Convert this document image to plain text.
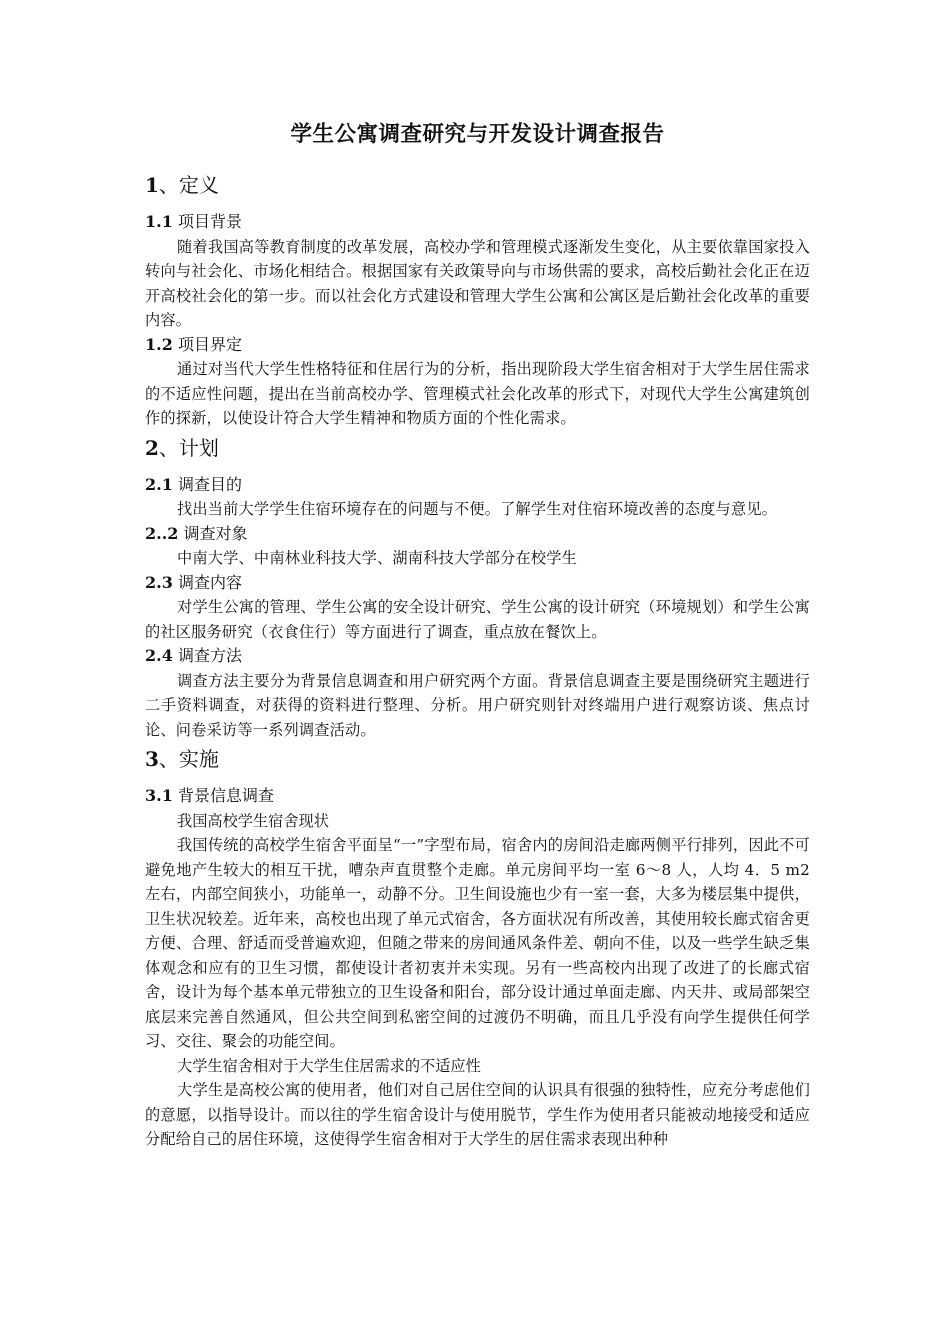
学生公寓调查研究与开发设计调查报告
1、定义
1.1 项目背景

随着我国高等教育制度的改革发展，高校办学和管理模式逐渐发生变化，从主要依靠国家投入转向与社会化、市场化相结合。根据国家有关政策导向与市场供需的要求，高校后勤社会化正在迈开高校社会化的第一步。而以社会化方式建设和管理大学生公寓和公寓区是后勤社会化改革的重要内容。

1.2 项目界定

通过对当代大学生性格特征和住居行为的分析，指出现阶段大学生宿舍相对于大学生居住需求的不适应性问题，提出在当前高校办学、管理模式社会化改革的形式下，对现代大学生公寓建筑创作的探新，以使设计符合大学生精神和物质方面的个性化需求。

2、计划
2.1 调查目的

找出当前大学学生住宿环境存在的问题与不便。了解学生对住宿环境改善的态度与意见。

2..2 调查对象

中南大学、中南林业科技大学、湖南科技大学部分在校学生

2.3 调查内容

对学生公寓的管理、学生公寓的安全设计研究、学生公寓的设计研究（环境规划）和学生公寓的社区服务研究（衣食住行）等方面进行了调查，重点放在餐饮上。

2.4 调查方法

调查方法主要分为背景信息调查和用户研究两个方面。背景信息调查主要是围绕研究主题进行二手资料调查，对获得的资料进行整理、分析。用户研究则针对终端用户进行观察访谈、焦点讨论、问卷采访等一系列调查活动。

3、实施
3.1 背景信息调查

我国高校学生宿舍现状

我国传统的高校学生宿舍平面呈“一”字型布局，宿舍内的房间沿走廊两侧平行排列，因此不可避免地产生较大的相互干扰，嘈杂声直贯整个走廊。单元房间平均一室 6～8 人，人均 4．5 m2 左右，内部空间狭小，功能单一，动静不分。卫生间设施也少有一室一套，大多为楼层集中提供，卫生状况较差。近年来，高校也出现了单元式宿舍，各方面状况有所改善，其使用较长廊式宿舍更方便、合理、舒适而受普遍欢迎，但随之带来的房间通风条件差、朝向不佳，以及一些学生缺乏集体观念和应有的卫生习惯，都使设计者初衷并未实现。另有一些高校内出现了改进了的长廊式宿舍，设计为每个基本单元带独立的卫生设备和阳台，部分设计通过单面走廊、内天井、或局部架空底层来完善自然通风，但公共空间到私密空间的过渡仍不明确，而且几乎没有向学生提供任何学习、交往、聚会的功能空间。

大学生宿舍相对于大学生住居需求的不适应性

大学生是高校公寓的使用者，他们对自己居住空间的认识具有很强的独特性，应充分考虑他们的意愿，以指导设计。而以往的学生宿舍设计与使用脱节，学生作为使用者只能被动地接受和适应分配给自己的居住环境，这使得学生宿舍相对于大学生的居住需求表现出种种
